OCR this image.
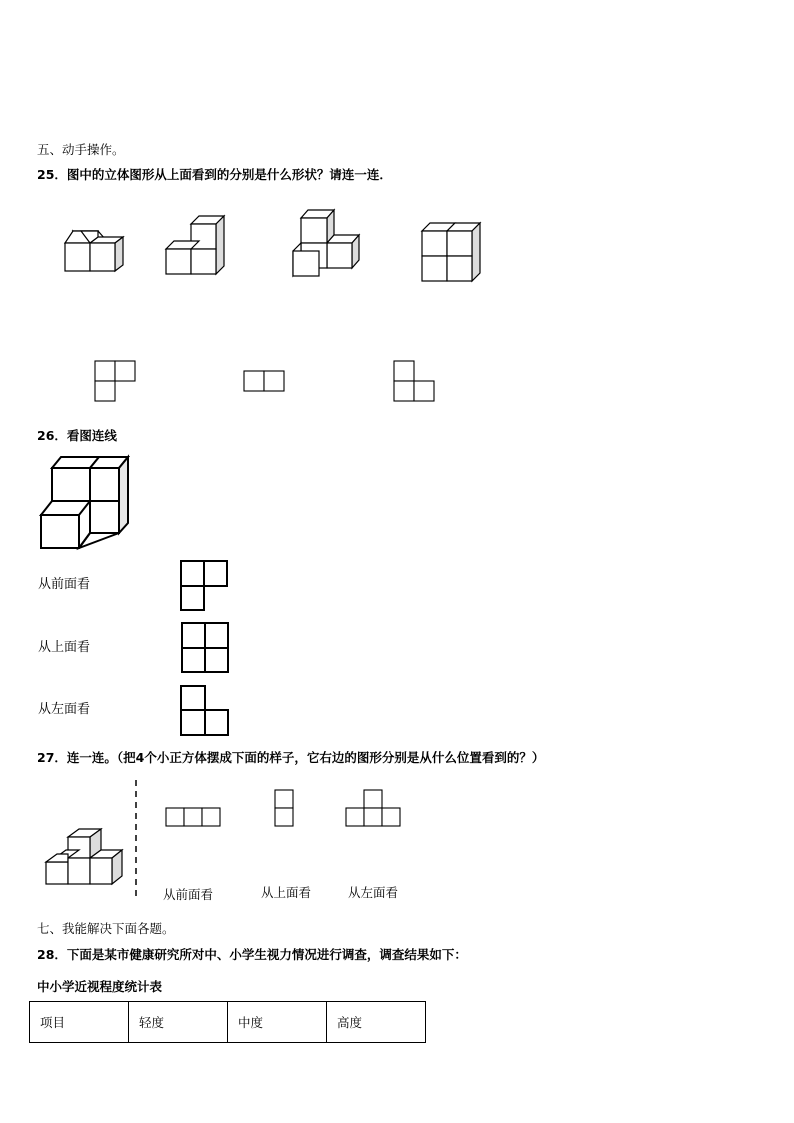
五、动手操作。
25．图中的立体图形从上面看到的分别是什么形状？请连一连．
26．看图连线
从前面看
从上面看
从左面看
27．连一连。（把4个小正方体摆成下面的样子，它右边的图形分别是从什么位置看到的？）
从前面看	从上面看	从左面看
七、我能解决下面各题。
28．下面是某市健康研究所对中、小学生视力情况进行调查，调查结果如下：
中小学近视程度统计表
项目	轻度	中度	高度
